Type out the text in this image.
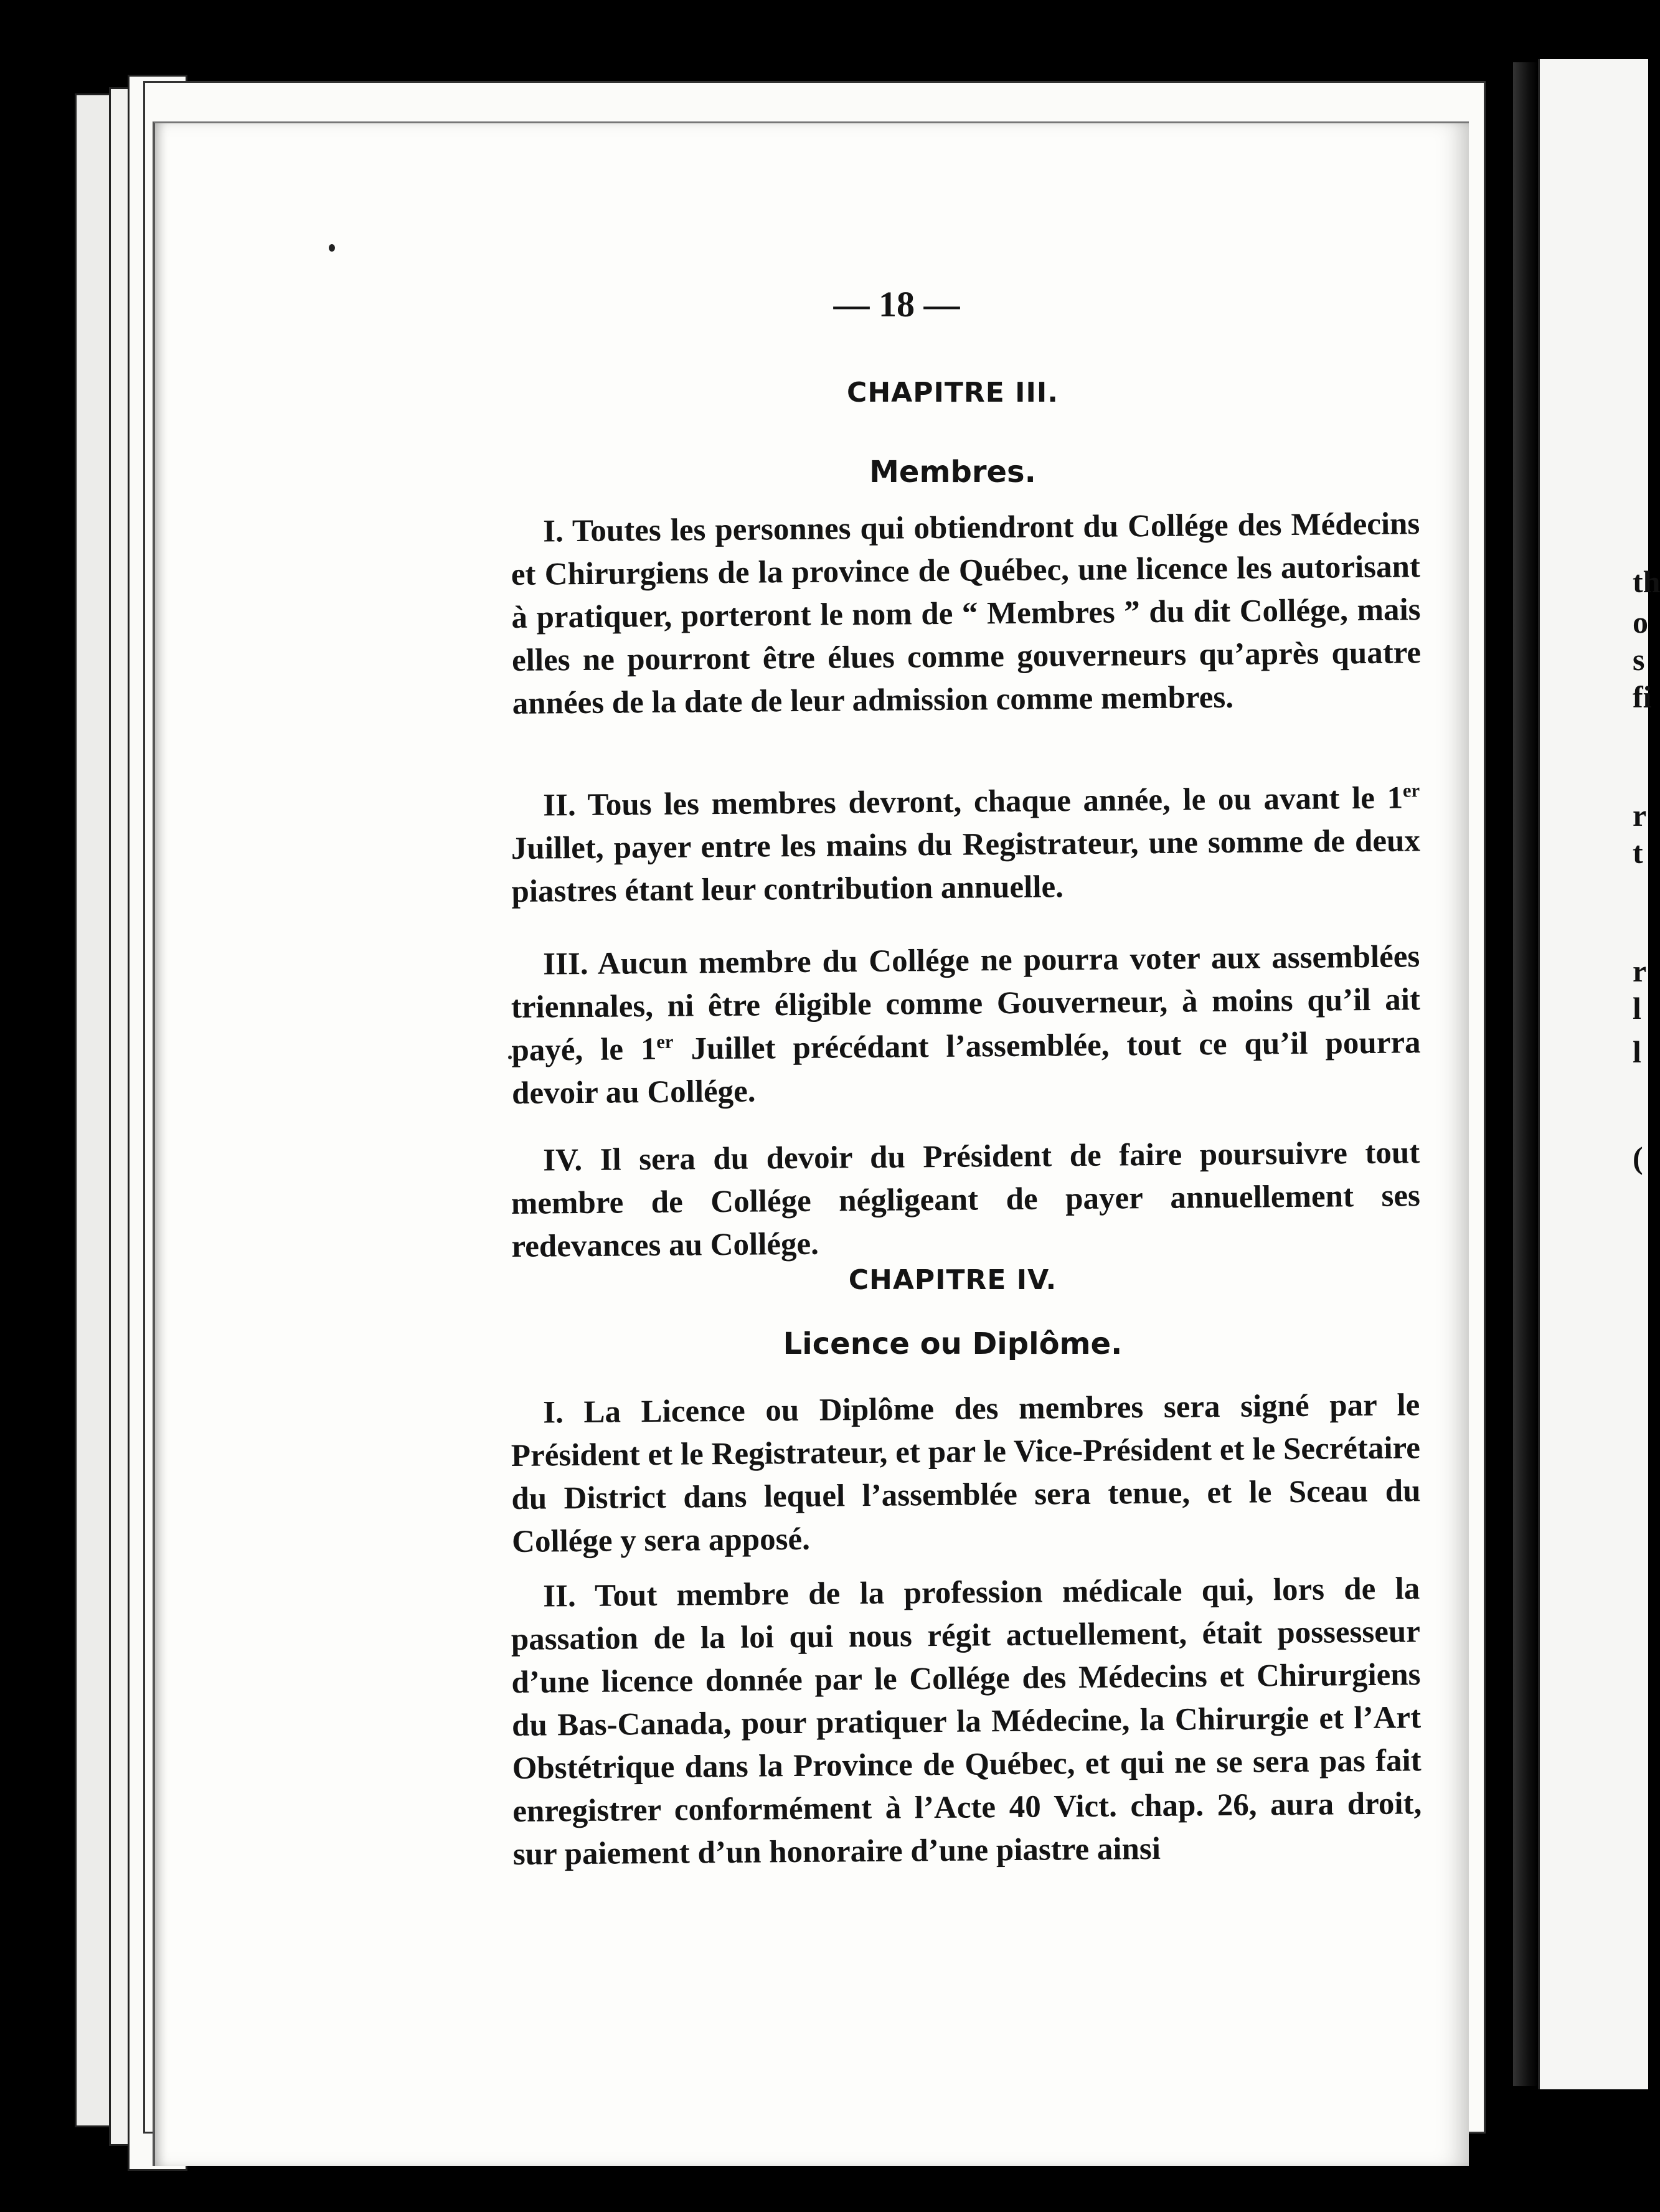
th
o
s
fi
r
t
r
l
l
(
— 18 —
CHAPITRE III.
Membres.

I. Toutes les personnes qui obtiendront du Collége des Médecins et Chirurgiens de la province de Québec, une licence les autorisant à pratiquer, porteront le nom de “ Membres ” du dit Collége, mais elles ne pourront être élues comme gouverneurs qu’après quatre années de la date de leur admission comme membres.

II. Tous les membres devront, chaque année, le ou avant le 1er Juillet, payer entre les mains du Registrateur, une somme de deux piastres étant leur contribution annuelle.

III. Aucun membre du Collége ne pourra voter aux assemblées triennales, ni être éligible comme Gouverneur, à moins qu’il ait payé, le 1er Juillet précédant l’assemblée, tout ce qu’il pourra devoir au Collége.

IV. Il sera du devoir du Président de faire poursuivre tout membre de Collége négligeant de payer annuellement ses redevances au Collége.

CHAPITRE IV.
Licence ou Diplôme.

I. La Licence ou Diplôme des membres sera signé par le Président et le Registrateur, et par le Vice-Président et le Secrétaire du District dans lequel l’assemblée sera tenue, et le Sceau du Collége y sera apposé.

II. Tout membre de la profession médicale qui, lors de la passation de la loi qui nous régit actuellement, était possesseur d’une licence donnée par le Collége des Médecins et Chirurgiens du Bas-Canada, pour pratiquer la Médecine, la Chirurgie et l’Art Obstétrique dans la Province de Québec, et qui ne se sera pas fait enregistrer conformément à l’Acte 40 Vict. chap. 26, aura droit, sur paiement d’un honoraire d’une piastre ainsi
